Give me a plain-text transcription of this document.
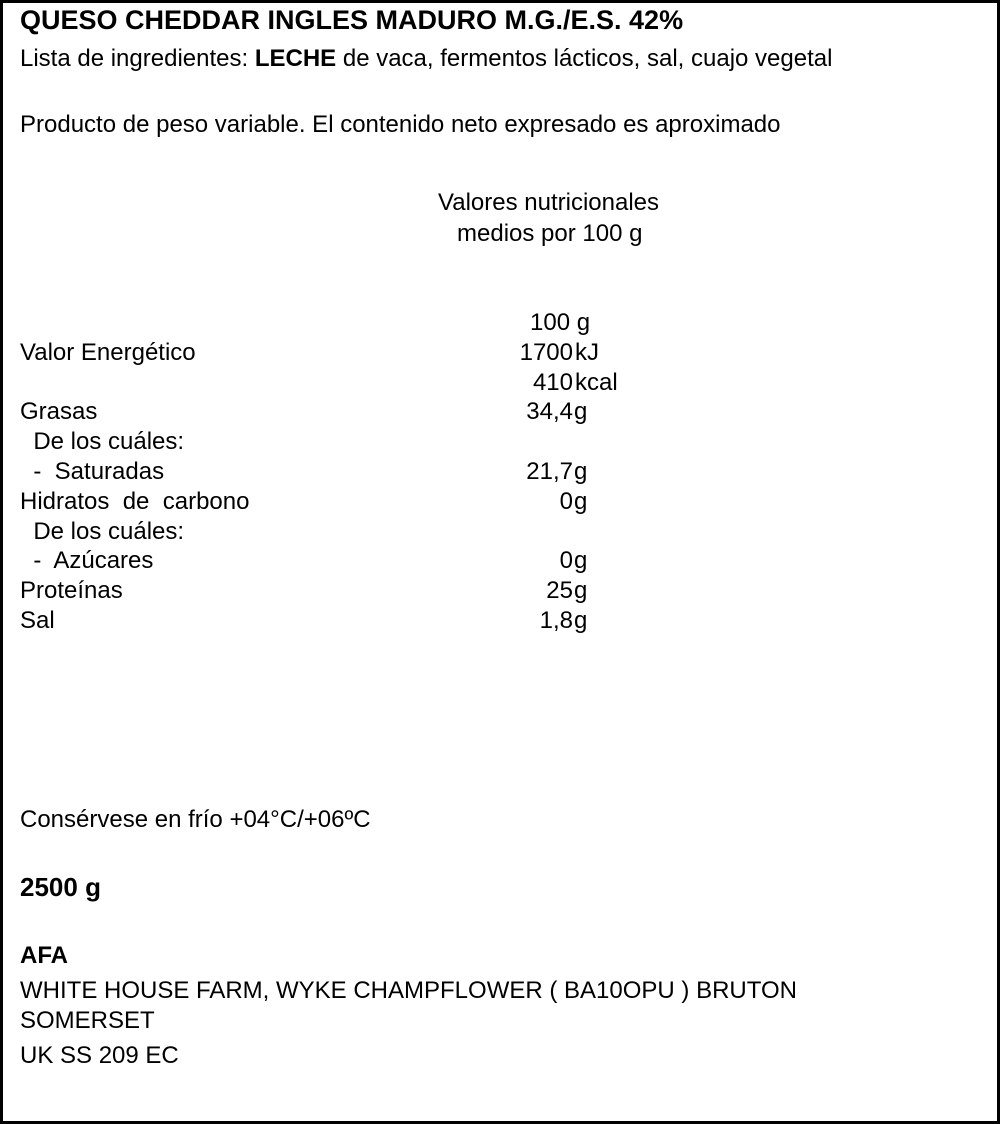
QUESO CHEDDAR INGLES MADURO M.G./E.S. 42%
Lista de ingredientes: LECHE de vaca, fermentos lácticos, sal, cuajo vegetal
Producto de peso variable. El contenido neto expresado es aproximado
Valores nutricionales
medios por 100 g
100 g
Valor Energético	1700 kJ
410 kcal
Grasas	34,4 g
De los cuáles:
-  Saturadas	21,7 g
Hidratos  de  carbono	0 g
De los cuáles:
-  Azúcares	0 g
Proteínas	25 g
Sal	1,8 g
Consérvese en frío +04°C/+06ºC
2500 g
AFA
WHITE HOUSE FARM, WYKE CHAMPFLOWER ( BA10OPU ) BRUTON
SOMERSET
UK SS 209 EC
